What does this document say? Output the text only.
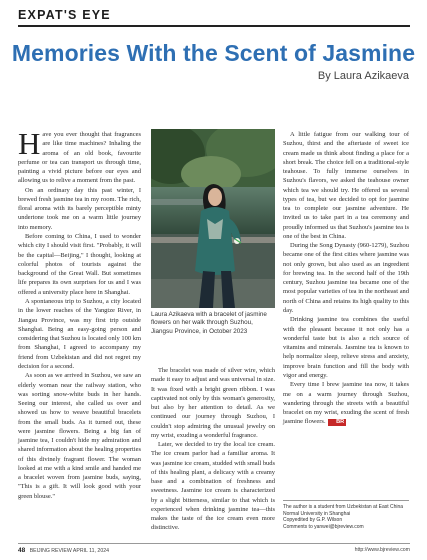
EXPAT'S EYE
Memories With the Scent of Jasmine
By Laura Azikaeva

Have you ever thought that fragrances are like time machines? Inhaling the aroma of an old book, favourite perfume or tea can transport us through time, painting a vivid picture before our eyes and allowing us to relive a moment from the past.

On an ordinary day this past winter, I brewed fresh jasmine tea in my room. The rich, floral aroma with its barely perceptible minty undertone took me on a warm little journey into memory.

Before coming to China, I used to wonder which city I should visit first. "Probably, it will be the capital—Beijing," I thought, looking at colorful photos of tourists against the background of the Great Wall. But sometimes life prepares its own surprises for us and I was offered a university place here in Shanghai.

A spontaneous trip to Suzhou, a city located in the lower reaches of the Yangtze River, in Jiangsu Province, was my first trip outside Shanghai. Being an easy-going person and considering that Suzhou is located only 100 km from Shanghai, I agreed to accompany my friend from Uzbekistan and did not regret my decision for a second.

As soon as we arrived in Suzhou, we saw an elderly woman near the railway station, who was sorting snow-white buds in her hands. Seeing our interest, she called us over and showed us how to weave beautiful bracelets from the small buds. As it turned out, these were jasmine flowers. Being a big fan of jasmine tea, I couldn't hide my admiration and shared information about the healing properties of this divinely fragrant flower. The woman looked at me with a kind smile and handed me a bracelet woven from jasmine buds, saying, "This is a gift. It will look good with your green blouse."

Laura Azikaeva with a bracelet of jasmine flowers on her walk through Suzhou, Jiangsu Province, in October 2023

The bracelet was made of silver wire, which made it easy to adjust and was universal in size. It was fixed with a bright green ribbon. I was captivated not only by this woman's generosity, but also by her attention to detail. As we continued our journey through Suzhou, I couldn't stop admiring the unusual jewelry on my wrist, exuding a wonderful fragrance.

Later, we decided to try the local ice cream. The ice cream parlor had a familiar aroma. It was jasmine ice cream, studded with small buds of this healing plant, a delicacy with a creamy base and a combination of freshness and sweetness. Jasmine ice cream is characterized by a slight bitterness, similar to that which is experienced when drinking jasmine tea—this makes the taste of the ice cream even more distinctive.

A little fatigue from our walking tour of Suzhou, thirst and the aftertaste of sweet ice cream made us think about finding a place for a short break. The choice fell on a traditional-style teahouse. To fully immerse ourselves in Suzhou's flavors, we asked the teahouse owner which tea we should try. He offered us several types of tea, but we decided to opt for jasmine tea to complete our jasmine adventure. He invited us to take part in a tea ceremony and proudly informed us that Suzhou's jasmine tea is one of the best in China.

During the Song Dynasty (960-1279), Suzhou became one of the first cities where jasmine was not only grown, but also used as an ingredient for brewing tea. In the second half of the 19th century, Suzhou jasmine tea became one of the most popular varieties of tea in the northeast and north of China and retains its high quality to this day.

Drinking jasmine tea combines the useful with the pleasant because it not only has a wonderful taste but is also a rich source of vitamins and minerals. Jasmine tea is known to help normalize sleep, relieve stress and anxiety, improve brain function and fill the body with vigor and energy.

Every time I brew jasmine tea now, it takes me on a warm journey through Suzhou, wandering through the streets with a beautiful bracelet on my wrist, exuding the scent of fresh jasmine flowers. BR

The author is a student from Uzbekistan at East China Normal University in Shanghai
Copyedited by G.P. Wilson
Comments to yanwei@bjreview.com
48 BEIJING REVIEW APRIL 11, 2024	http://www.bjreview.com
